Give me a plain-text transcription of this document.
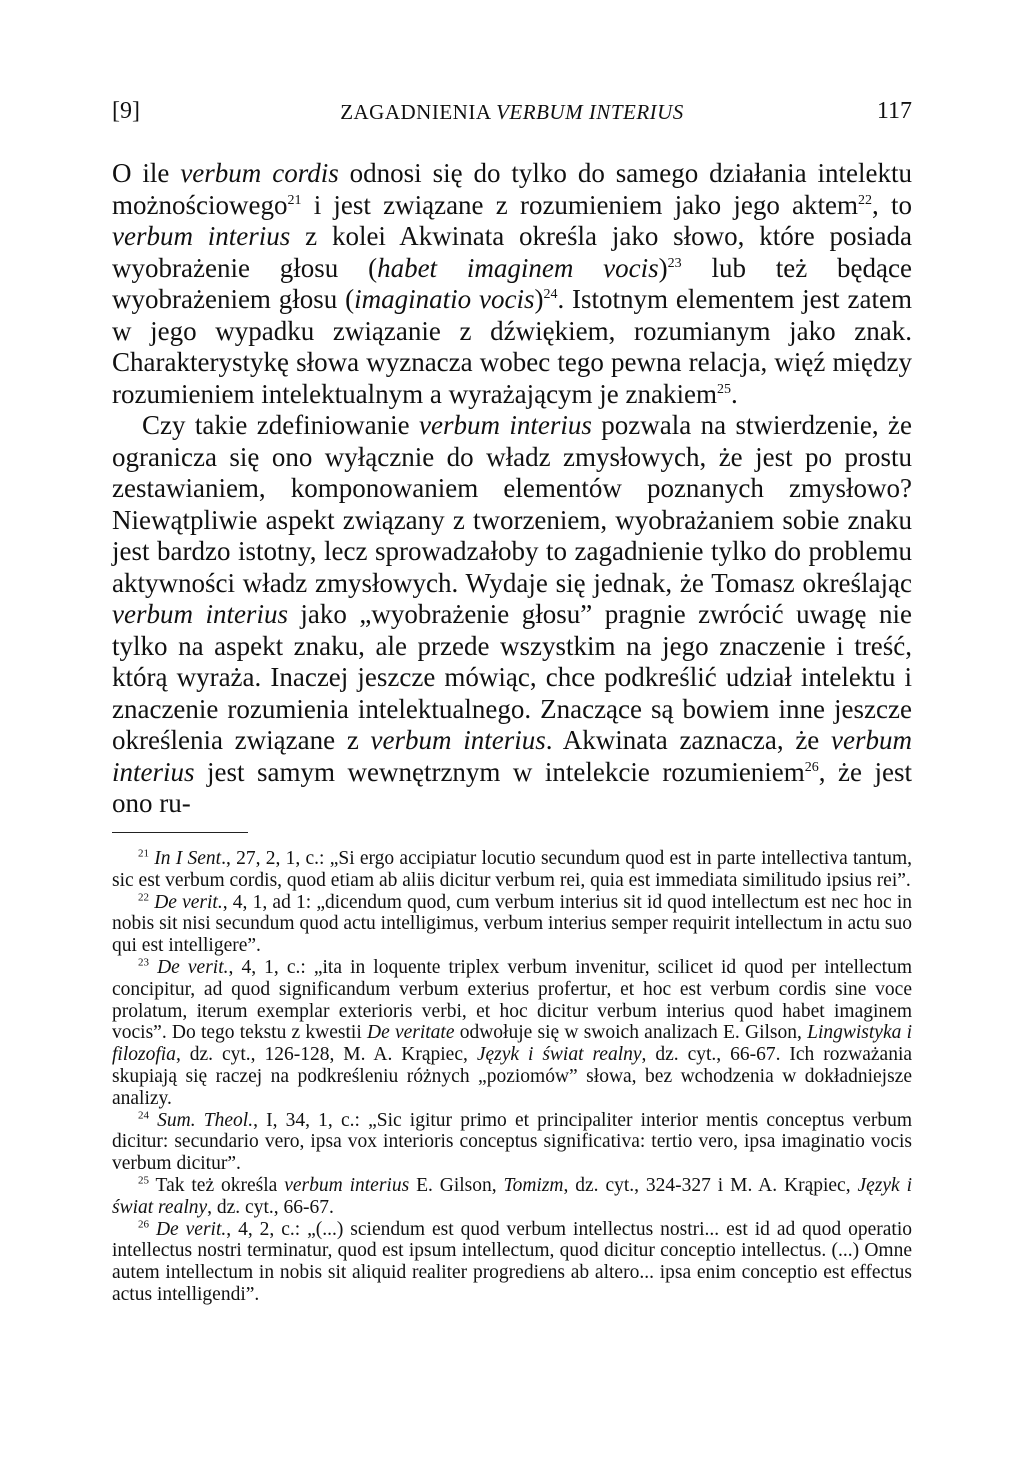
[9]	ZAGADNIENIA VERBUM INTERIUS	117

O ile verbum cordis odnosi się do tylko do samego działania intelektu możnościowego$^{21}$ i jest związane z rozumieniem jako jego aktem$^{22}$, to verbum interius z kolei Akwinata określa jako słowo, które posiada wyobrażenie głosu (habet imaginem vocis)$^{23}$ lub też będące wyobrażeniem głosu (imaginatio vocis)$^{24}$. Istotnym elementem jest zatem w jego wypadku związanie z dźwiękiem, rozumianym jako znak. Charakterystykę słowa wyznacza wobec tego pewna relacja, więź między rozumieniem intelektualnym a wyrażającym je znakiem$^{25}$.

Czy takie zdefiniowanie verbum interius pozwala na stwierdzenie, że ogranicza się ono wyłącznie do władz zmysłowych, że jest po prostu zestawianiem, komponowaniem elementów poznanych zmysłowo? Niewątpliwie aspekt związany z tworzeniem, wyobrażaniem sobie znaku jest bardzo istotny, lecz sprowadzałoby to zagadnienie tylko do problemu aktywności władz zmysłowych. Wydaje się jednak, że Tomasz określając verbum interius jako „wyobrażenie głosu” pragnie zwrócić uwagę nie tylko na aspekt znaku, ale przede wszystkim na jego znaczenie i treść, którą wyraża. Inaczej jeszcze mówiąc, chce podkreślić udział intelektu i znaczenie rozumienia intelektualnego. Znaczące są bowiem inne jeszcze określenia związane z verbum interius. Akwinata zaznacza, że verbum interius jest samym wewnętrznym w intelekcie rozumieniem$^{26}$, że jest ono ru-

$^{21}$ In I Sent., 27, 2, 1, c.: „Si ergo accipiatur locutio secundum quod est in parte intellectiva tantum, sic est verbum cordis, quod etiam ab aliis dicitur verbum rei, quia est immediata similitudo ipsius rei”.

$^{22}$ De verit., 4, 1, ad 1: „dicendum quod, cum verbum interius sit id quod intellectum est nec hoc in nobis sit nisi secundum quod actu intelligimus, verbum interius semper requirit intellectum in actu suo qui est intelligere”.

$^{23}$ De verit., 4, 1, c.: „ita in loquente triplex verbum invenitur, scilicet id quod per intellectum concipitur, ad quod significandum verbum exterius profertur, et hoc est verbum cordis sine voce prolatum, iterum exemplar exterioris verbi, et hoc dicitur verbum interius quod habet imaginem vocis”. Do tego tekstu z kwestii De veritate odwołuje się w swoich analizach E. Gilson, Lingwistyka i filozofia, dz. cyt., 126-128, M. A. Krąpiec, Język i świat realny, dz. cyt., 66-67. Ich rozważania skupiają się raczej na podkreśleniu różnych „poziomów” słowa, bez wchodzenia w dokładniejsze analizy.

$^{24}$ Sum. Theol., I, 34, 1, c.: „Sic igitur primo et principaliter interior mentis conceptus verbum dicitur: secundario vero, ipsa vox interioris conceptus significativa: tertio vero, ipsa imaginatio vocis verbum dicitur”.

$^{25}$ Tak też określa verbum interius E. Gilson, Tomizm, dz. cyt., 324-327 i M. A. Krąpiec, Język i świat realny, dz. cyt., 66-67.

$^{26}$ De verit., 4, 2, c.: „(...) sciendum est quod verbum intellectus nostri... est id ad quod operatio intellectus nostri terminatur, quod est ipsum intellectum, quod dicitur conceptio intellectus. (...) Omne autem intellectum in nobis sit aliquid realiter progrediens ab altero... ipsa enim conceptio est effectus actus intelligendi”.
